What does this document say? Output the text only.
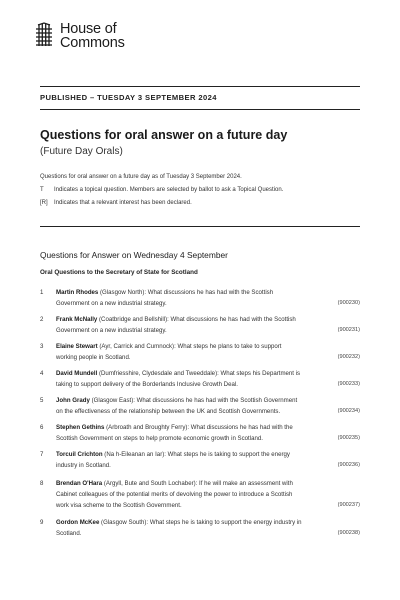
House of
Commons
PUBLISHED – TUESDAY 3 SEPTEMBER 2024
Questions for oral answer on a future day
(Future Day Orals)
Questions for oral answer on a future day as of Tuesday 3 September 2024.
T Indicates a topical question. Members are selected by ballot to ask a Topical Question.
[R] Indicates that a relevant interest has been declared.
Questions for Answer on Wednesday 4 September
Oral Questions to the Secretary of State for Scotland
1 Martin Rhodes (Glasgow North): What discussions he has had with the Scottish
Government on a new industrial strategy.	(900230)
2 Frank McNally (Coatbridge and Bellshill): What discussions he has had with the Scottish
Government on a new industrial strategy.	(900231)
3 Elaine Stewart (Ayr, Carrick and Cumnock): What steps he plans to take to support
working people in Scotland.	(900232)
4 David Mundell (Dumfriesshire, Clydesdale and Tweeddale): What steps his Department is
taking to support delivery of the Borderlands Inclusive Growth Deal.	(900233)
5 John Grady (Glasgow East): What discussions he has had with the Scottish Government
on the effectiveness of the relationship between the UK and Scottish Governments.	(900234)
6 Stephen Gethins (Arbroath and Broughty Ferry): What discussions he has had with the
Scottish Government on steps to help promote economic growth in Scotland.	(900235)
7 Torcuil Crichton (Na h-Eileanan an Iar): What steps he is taking to support the energy
industry in Scotland.	(900236)
8 Brendan O'Hara (Argyll, Bute and South Lochaber): If he will make an assessment with
Cabinet colleagues of the potential merits of devolving the power to introduce a Scottish
work visa scheme to the Scottish Government.	(900237)
9 Gordon McKee (Glasgow South): What steps he is taking to support the energy industry in
Scotland.	(900238)
